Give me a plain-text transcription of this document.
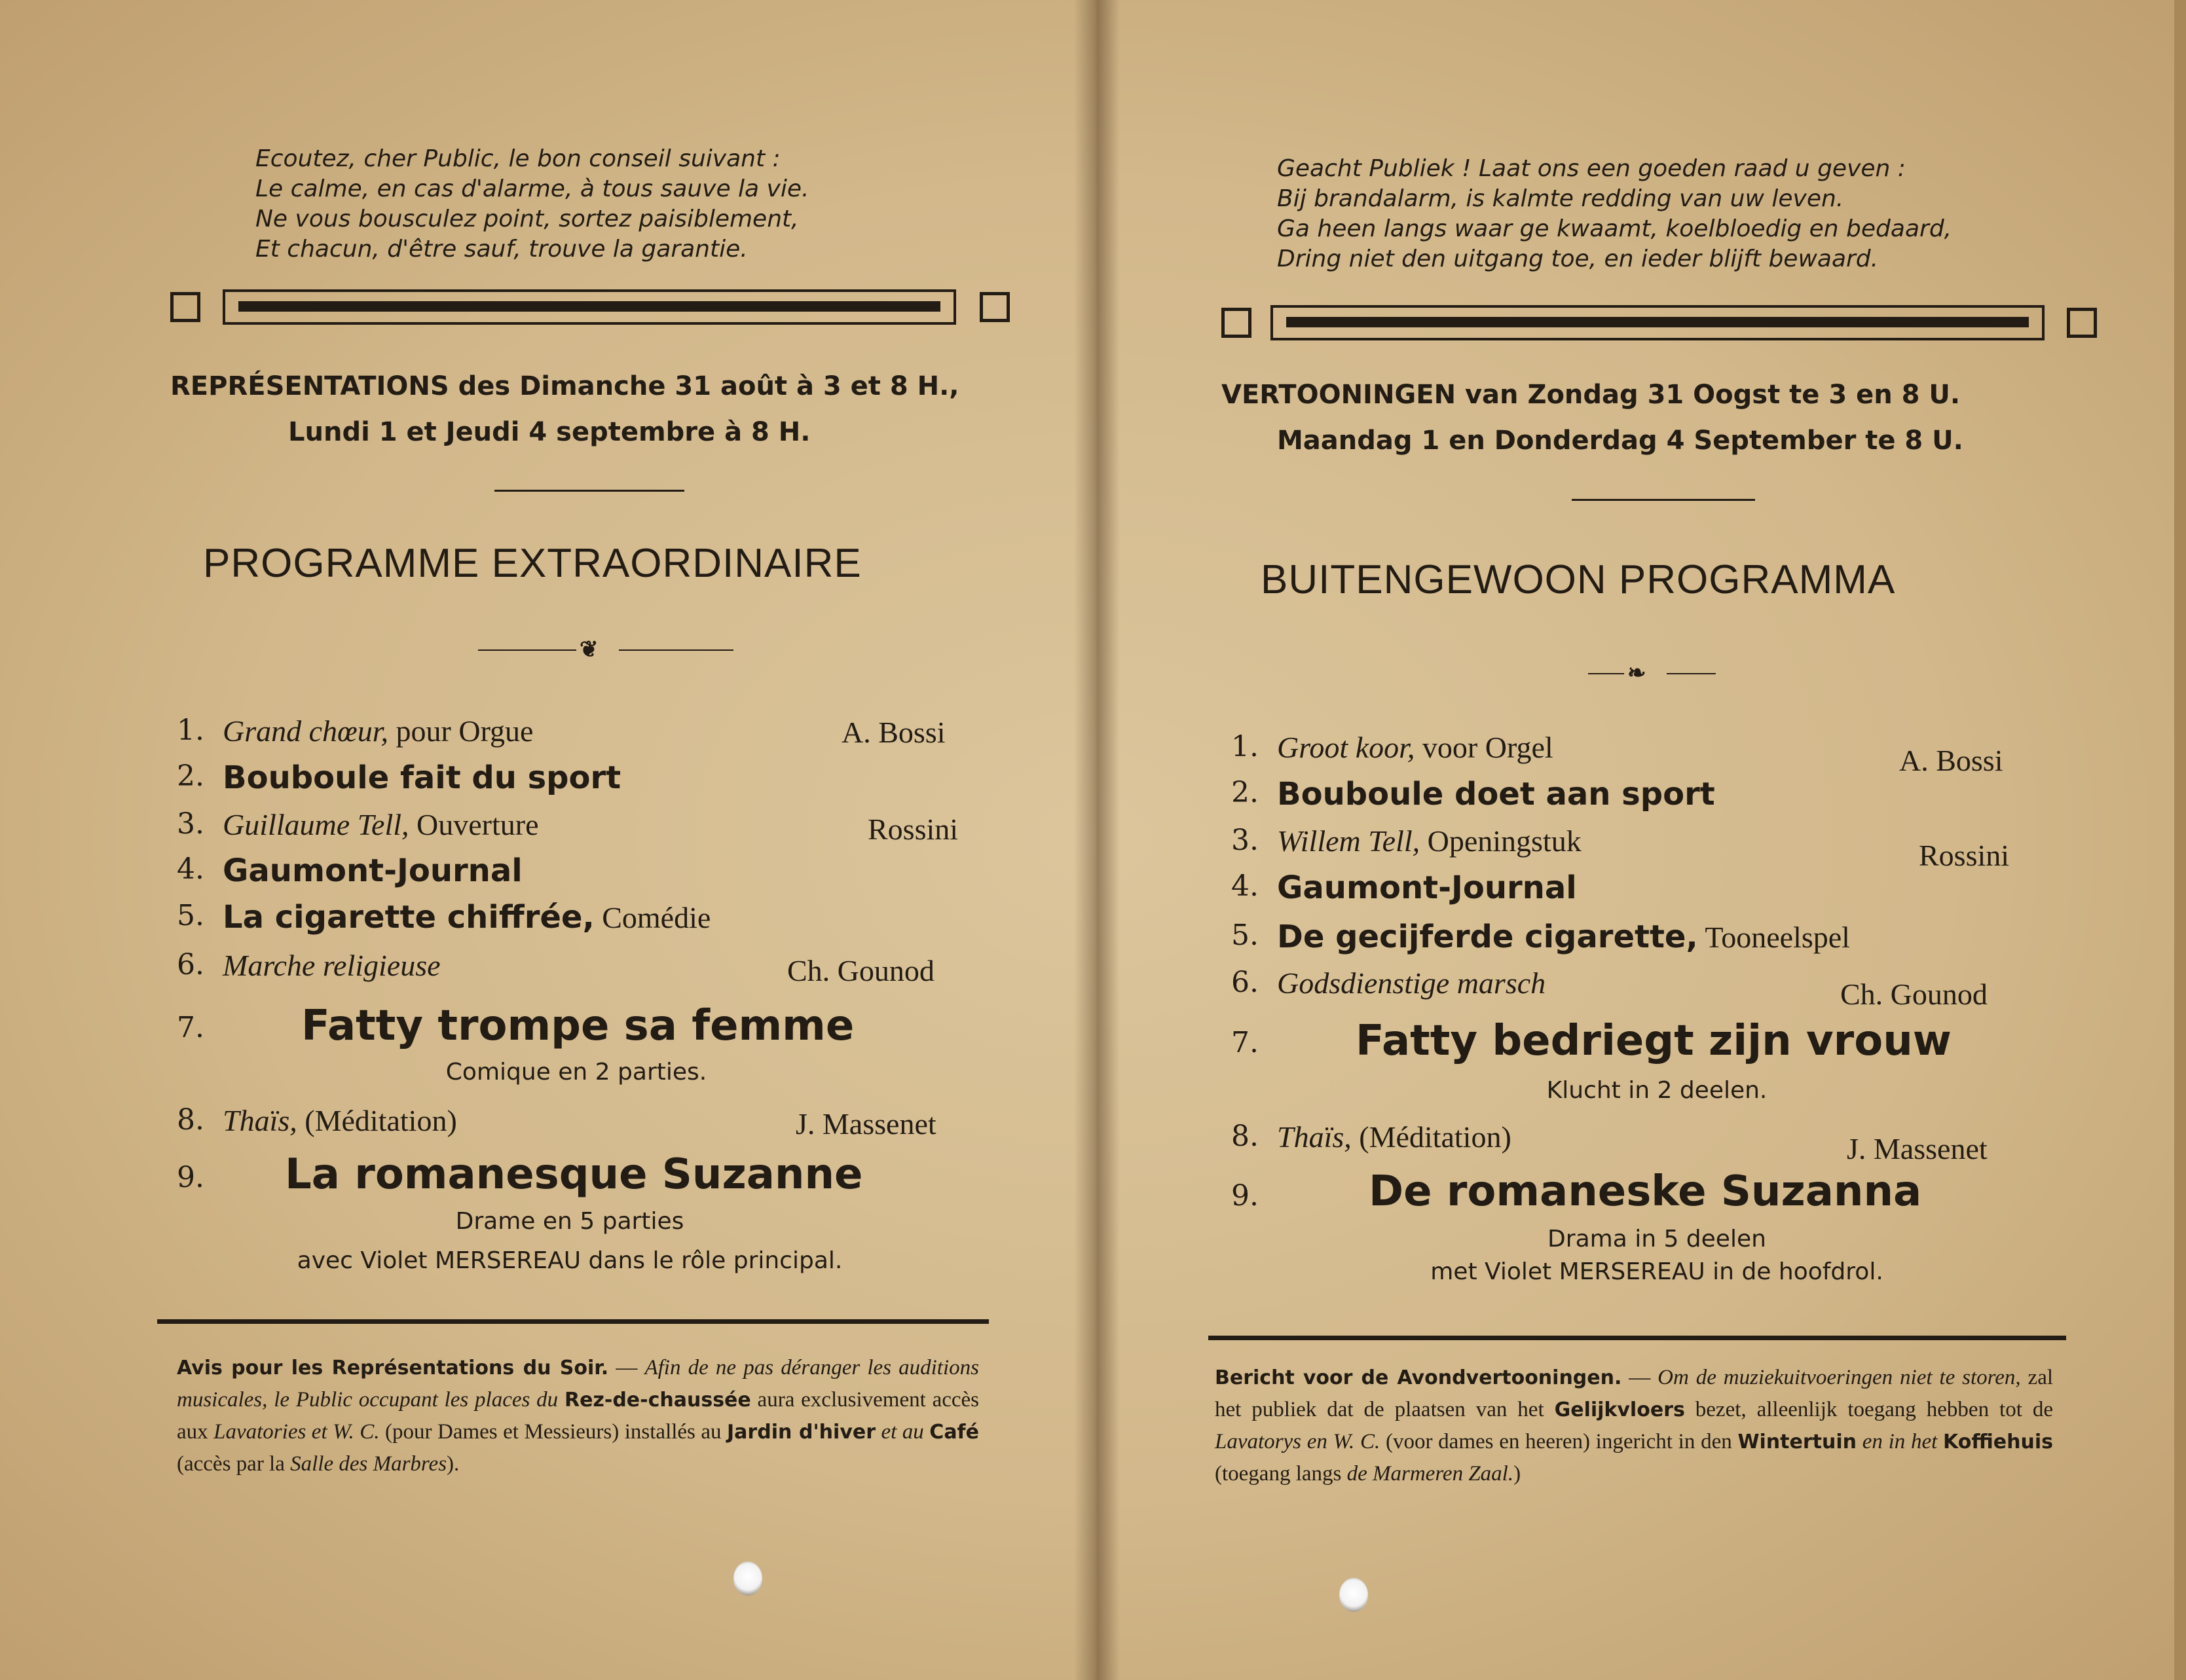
Ecoutez, cher Public, le bon conseil suivant :
Le calme, en cas d'alarme, à tous sauve la vie.
Ne vous bousculez point, sortez paisiblement,
Et chacun, d'être sauf, trouve la garantie.
REPRÉSENTATIONS des Dimanche 31 août à 3 et 8 H.,
Lundi 1 et Jeudi 4 septembre à 8 H.
PROGRAMME EXTRAORDINAIRE
❦
1. Grand chœur, pour Orgue	A. Bossi
2. Bouboule fait du sport
3. Guillaume Tell, Ouverture	Rossini
4. Gaumont-Journal
5. La cigarette chiffrée, Comédie
6. Marche religieuse	Ch. Gounod
7. Fatty trompe sa femme
Comique en 2 parties.
8. Thaïs, (Méditation)	J. Massenet
9. La romanesque Suzanne
Drame en 5 parties
avec Violet MERSEREAU dans le rôle principal.
Avis pour les Représentations du Soir. — Afin de ne pas déranger les auditions musicales, le Public occupant les places du Rez-de-chaussée aura exclusivement accès aux Lavatories et W. C. (pour Dames et Messieurs) installés au Jardin d'hiver et au Café (accès par la Salle des Marbres).
Geacht Publiek ! Laat ons een goeden raad u geven :
Bij brandalarm, is kalmte redding van uw leven.
Ga heen langs waar ge kwaamt, koelbloedig en bedaard,
Dring niet den uitgang toe, en ieder blijft bewaard.
VERTOONINGEN van Zondag 31 Oogst te 3 en 8 U.
Maandag 1 en Donderdag 4 September te 8 U.
BUITENGEWOON PROGRAMMA
❧
1. Groot koor, voor Orgel	A. Bossi
2. Bouboule doet aan sport
3. Willem Tell, Openingstuk	Rossini
4. Gaumont-Journal
5. De gecijferde cigarette, Tooneelspel
6. Godsdienstige marsch	Ch. Gounod
7. Fatty bedriegt zijn vrouw
Klucht in 2 deelen.
8. Thaïs, (Méditation)	J. Massenet
9.	De romaneske Suzanna
Drama in 5 deelen
met Violet MERSEREAU in de hoofdrol.
Bericht voor de Avondvertooningen. — Om de muziekuitvoeringen niet te storen, zal het publiek dat de plaatsen van het Gelijkvloers bezet, alleenlijk toegang hebben tot de Lavatorys en W. C. (voor dames en heeren) ingericht in den Wintertuin en in het Koffiehuis (toegang langs de Marmeren Zaal.)
